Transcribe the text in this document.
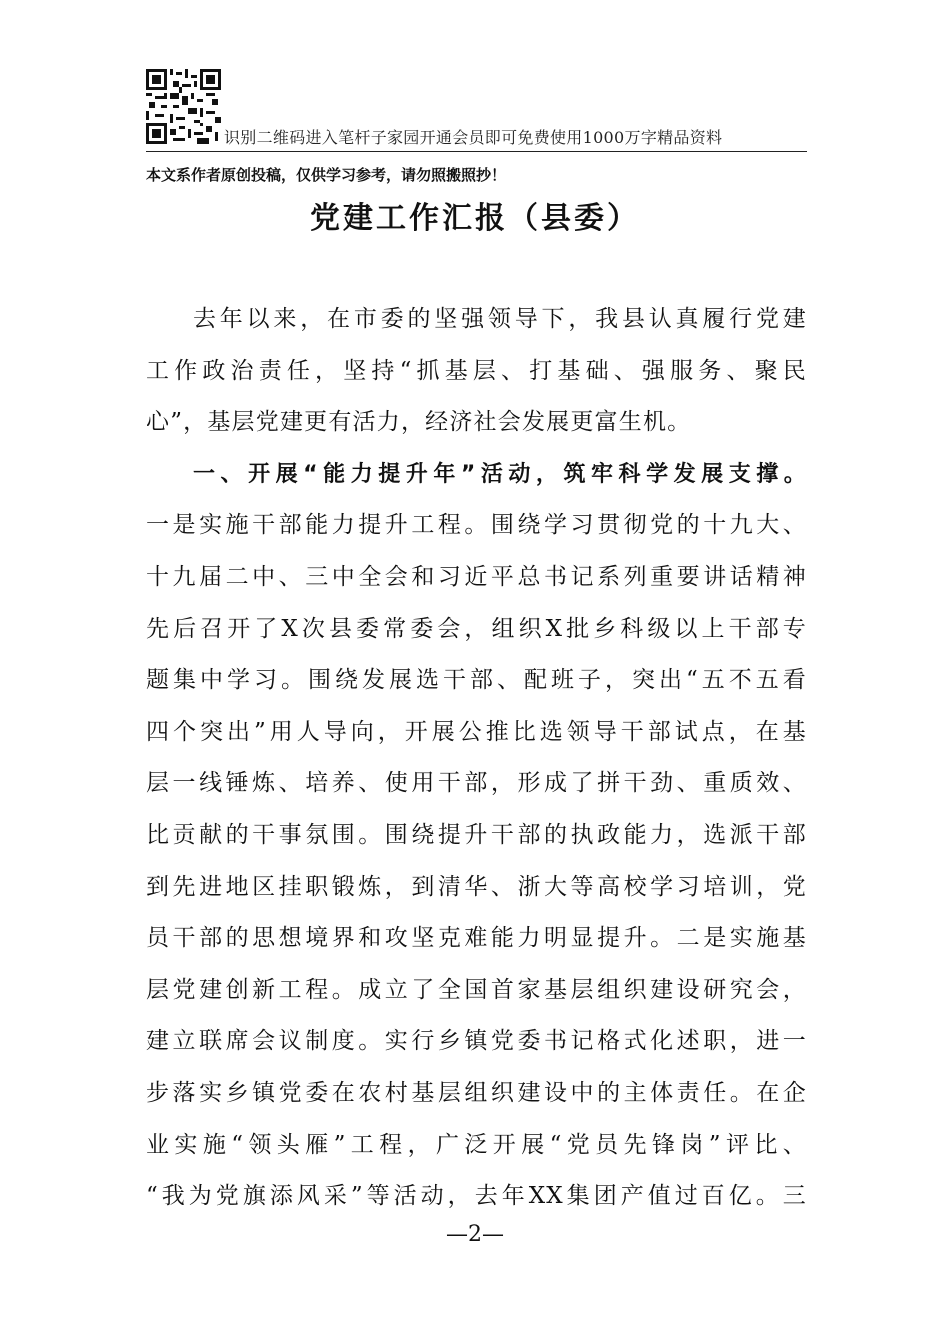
识别二维码进入笔杆子家园开通会员即可免费使用1000万字精品资料
本文系作者原创投稿，仅供学习参考，请勿照搬照抄！
党建工作汇报（县委）
去年以来，在市委的坚强领导下，我县认真履行党建
工作政治责任，坚持“抓基层、打基础、强服务、聚民
心”，基层党建更有活力，经济社会发展更富生机。
一、开展“能力提升年”活动，筑牢科学发展支撑。
一是实施干部能力提升工程。围绕学习贯彻党的十九大、
十九届二中、三中全会和习近平总书记系列重要讲话精神
先后召开了X次县委常委会，组织X批乡科级以上干部专
题集中学习。围绕发展选干部、配班子，突出“五不五看
四个突出”用人导向，开展公推比选领导干部试点，在基
层一线锤炼、培养、使用干部，形成了拼干劲、重质效、
比贡献的干事氛围。围绕提升干部的执政能力，选派干部
到先进地区挂职锻炼，到清华、浙大等高校学习培训，党
员干部的思想境界和攻坚克难能力明显提升。二是实施基
层党建创新工程。成立了全国首家基层组织建设研究会，
建立联席会议制度。实行乡镇党委书记格式化述职，进一
步落实乡镇党委在农村基层组织建设中的主体责任。在企
业实施“领头雁”工程，广泛开展“党员先锋岗”评比、
“我为党旗添风采”等活动，去年XX集团产值过百亿。三
—2—
